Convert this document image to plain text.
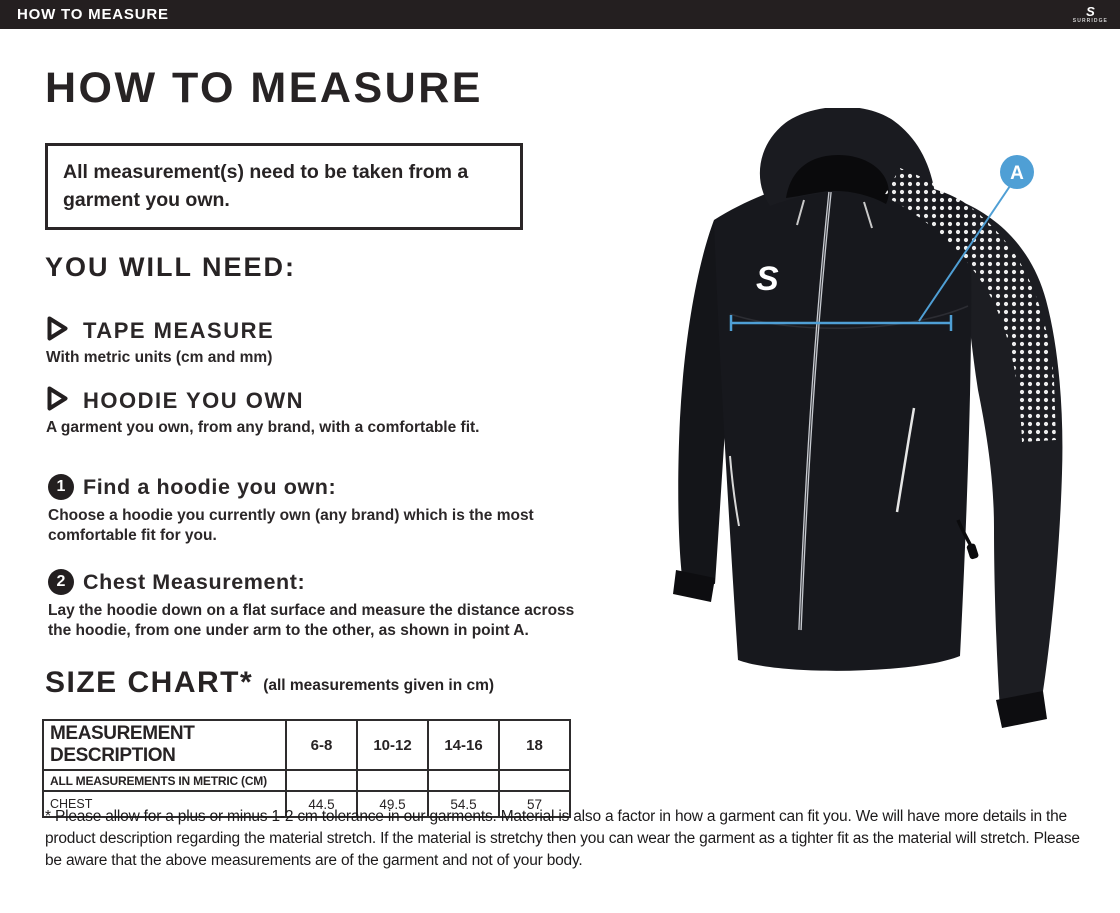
HOW TO MEASURE	S
SURRIDGE
HOW TO MEASURE
All measurement(s) need to be taken from a garment you own.
YOU WILL NEED:
TAPE MEASURE
With metric units (cm and mm)
HOODIE YOU OWN
A garment you own, from any brand, with a comfortable fit.
1 Find a hoodie you own:
Choose a hoodie you currently own (any brand) which is the most comfortable fit for you.
2 Chest Measurement:
Lay the hoodie down on a flat surface and measure the distance across the hoodie, from one under arm to the other, as shown in point A.
SIZE CHART* (all measurements given in cm)
MEASUREMENT DESCRIPTION	6-8	10-12	14-16	18
ALL MEASUREMENTS IN METRIC (CM)				
CHEST	44.5	49.5	54.5	57
* Please allow for a plus or minus 1-2 cm tolerance in our garments. Material is also a factor in how a garment can fit you. We will have more details in the product description regarding the material stretch. If the material is stretchy then you can wear the garment as a tighter fit as the material will stretch. Please be aware that the above measurements are of the garment and not of your body.
S
A
